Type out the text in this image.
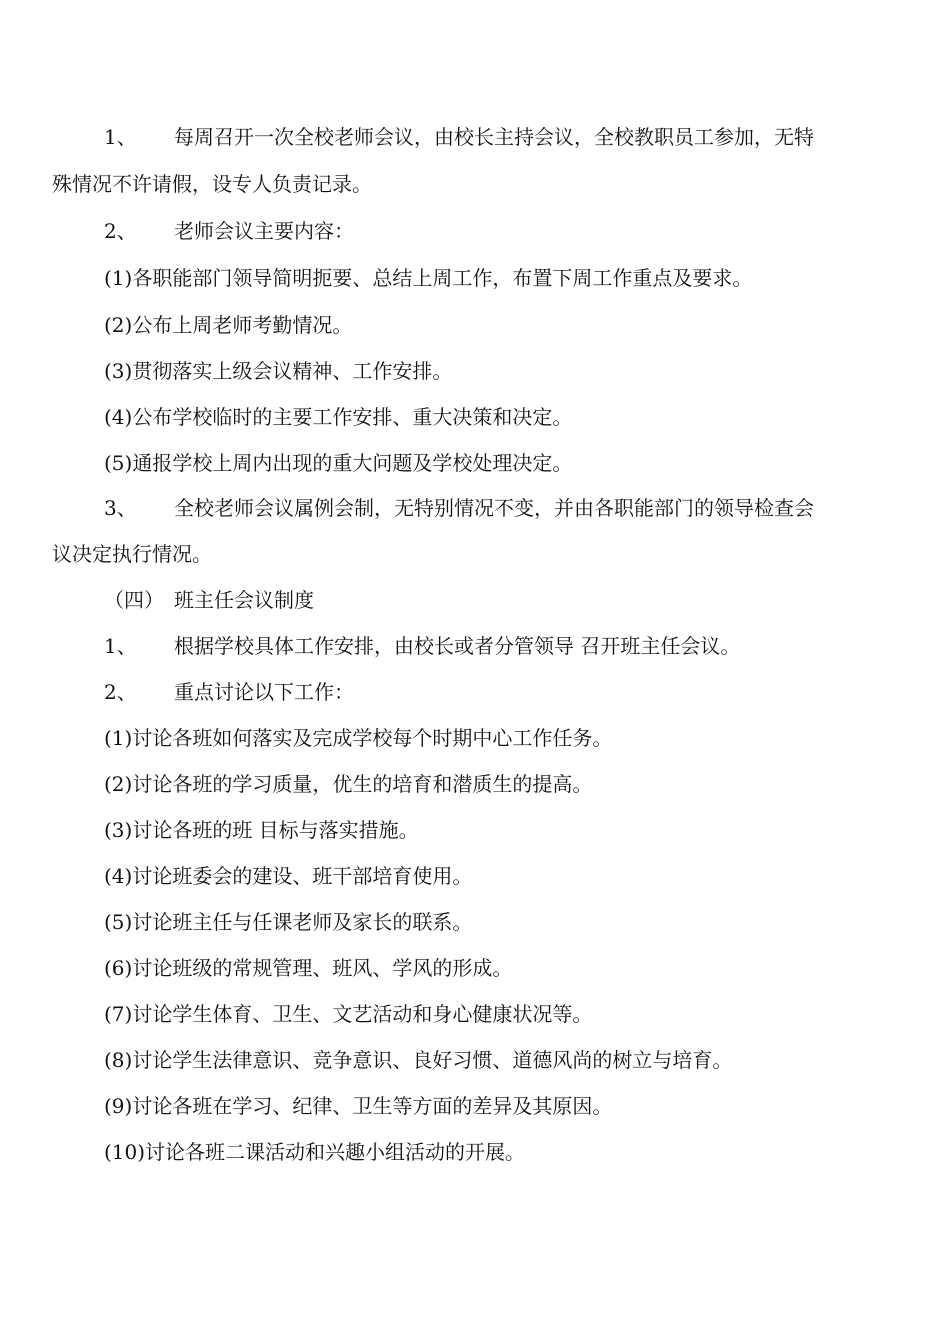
1、 每周召开一次全校老师会议，由校长主持会议，全校教职员工参加，无特
殊情况不许请假，设专人负责记录。
2、 老师会议主要内容：
(1)各职能部门领导简明扼要、总结上周工作，布置下周工作重点及要求。
(2)公布上周老师考勤情况。
(3)贯彻落实上级会议精神、工作安排。
(4)公布学校临时的主要工作安排、重大决策和决定。
(5)通报学校上周内出现的重大问题及学校处理决定。
3、 全校老师会议属例会制，无特别情况不变，并由各职能部门的领导检查会
议决定执行情况。
（四） 班主任会议制度
1、 根据学校具体工作安排，由校长或者分管领导 召开班主任会议。
2、 重点讨论以下工作：
(1)讨论各班如何落实及完成学校每个时期中心工作任务。
(2)讨论各班的学习质量，优生的培育和潜质生的提高。
(3)讨论各班的班 目标与落实措施。
(4)讨论班委会的建设、班干部培育使用。
(5)讨论班主任与任课老师及家长的联系。
(6)讨论班级的常规管理、班风、学风的形成。
(7)讨论学生体育、卫生、文艺活动和身心健康状况等。
(8)讨论学生法律意识、竞争意识、良好习惯、道德风尚的树立与培育。
(9)讨论各班在学习、纪律、卫生等方面的差异及其原因。
(10)讨论各班二课活动和兴趣小组活动的开展。
